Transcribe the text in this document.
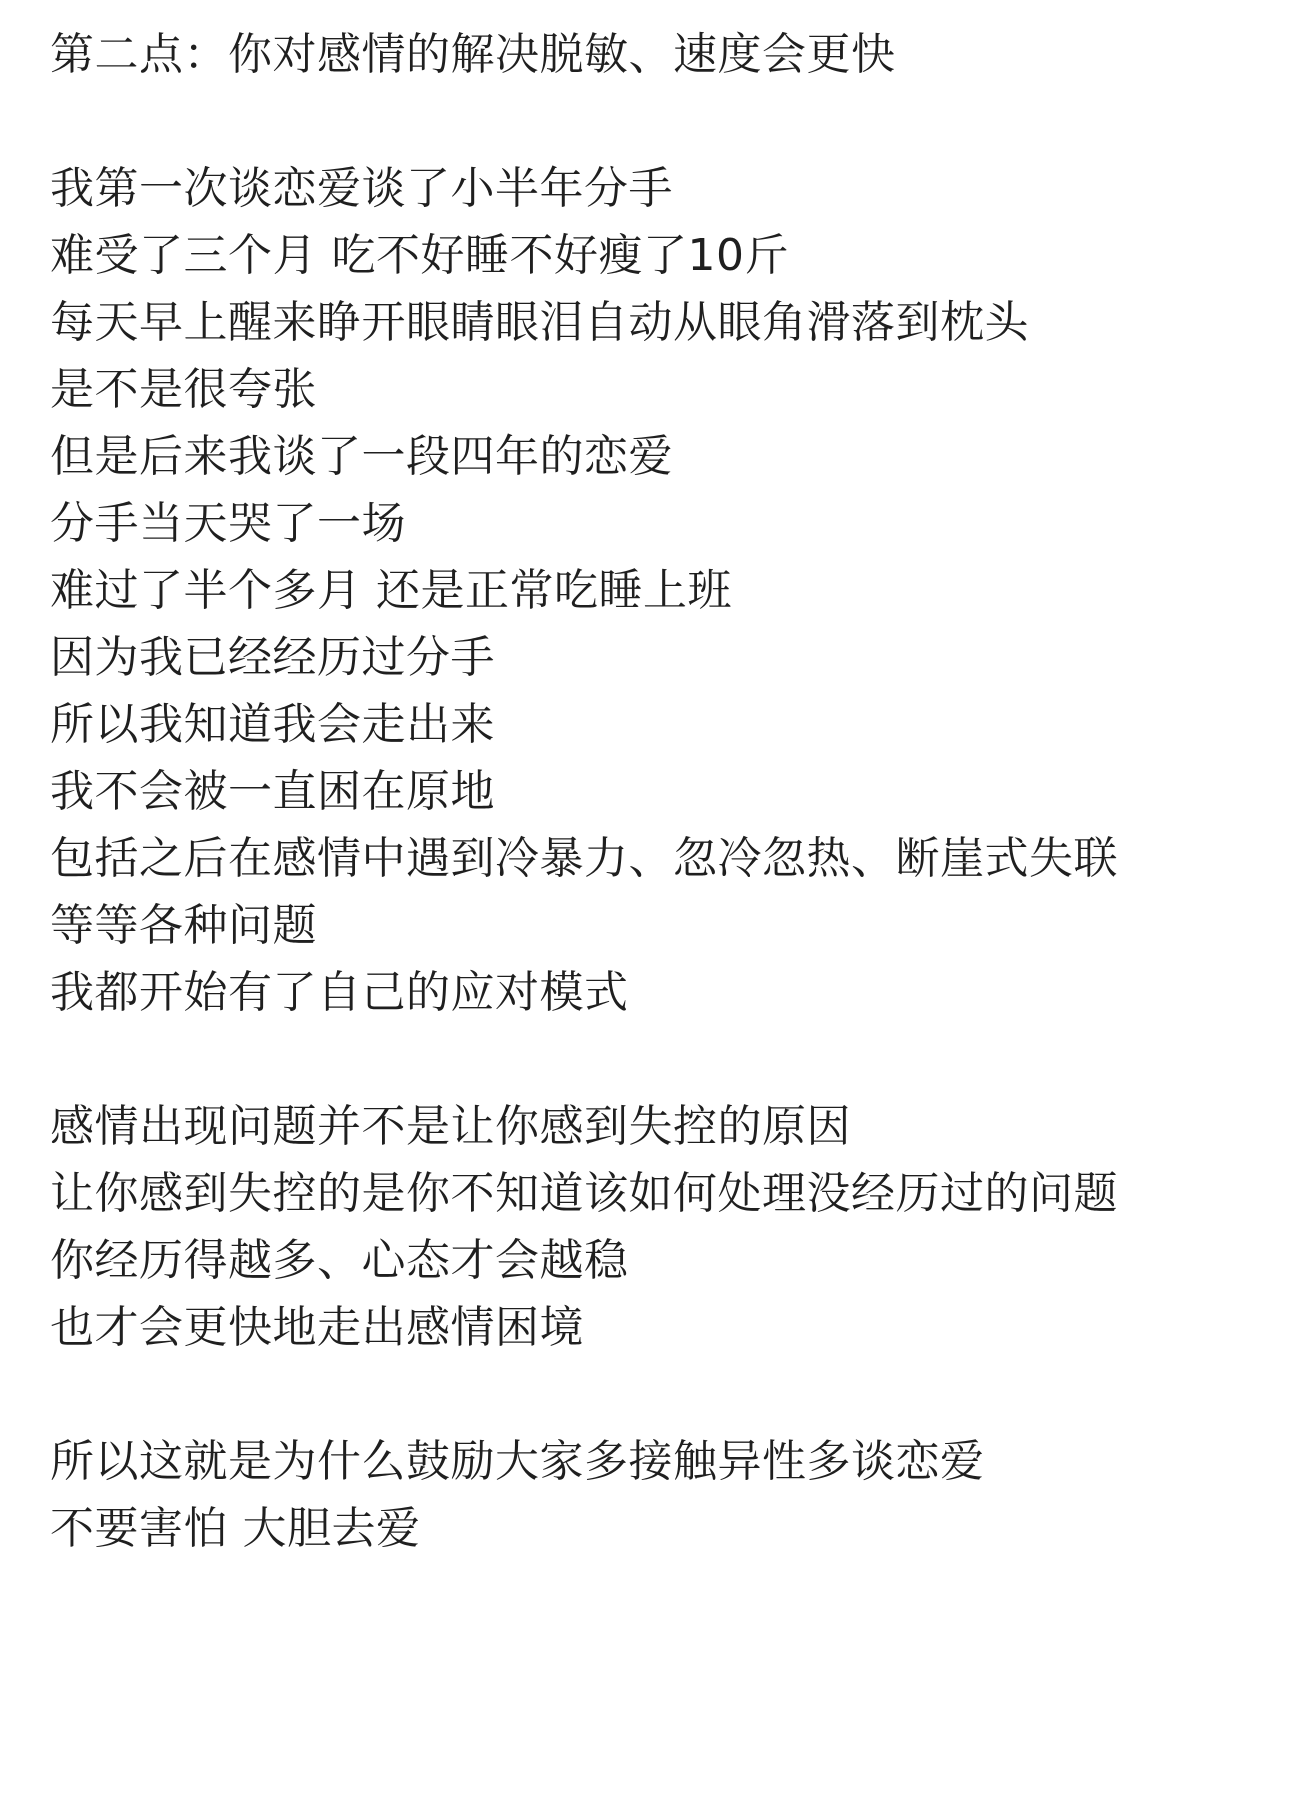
第二点：你对感情的解决脱敏、速度会更快
我第一次谈恋爱谈了小半年分手
难受了三个月 吃不好睡不好瘦了10斤
每天早上醒来睁开眼睛眼泪自动从眼角滑落到枕头
是不是很夸张
但是后来我谈了一段四年的恋爱
分手当天哭了一场
难过了半个多月 还是正常吃睡上班
因为我已经经历过分手
所以我知道我会走出来
我不会被一直困在原地
包括之后在感情中遇到冷暴力、忽冷忽热、断崖式失联
等等各种问题
我都开始有了自己的应对模式
感情出现问题并不是让你感到失控的原因
让你感到失控的是你不知道该如何处理没经历过的问题
你经历得越多、心态才会越稳
也才会更快地走出感情困境
所以这就是为什么鼓励大家多接触异性多谈恋爱
不要害怕 大胆去爱
